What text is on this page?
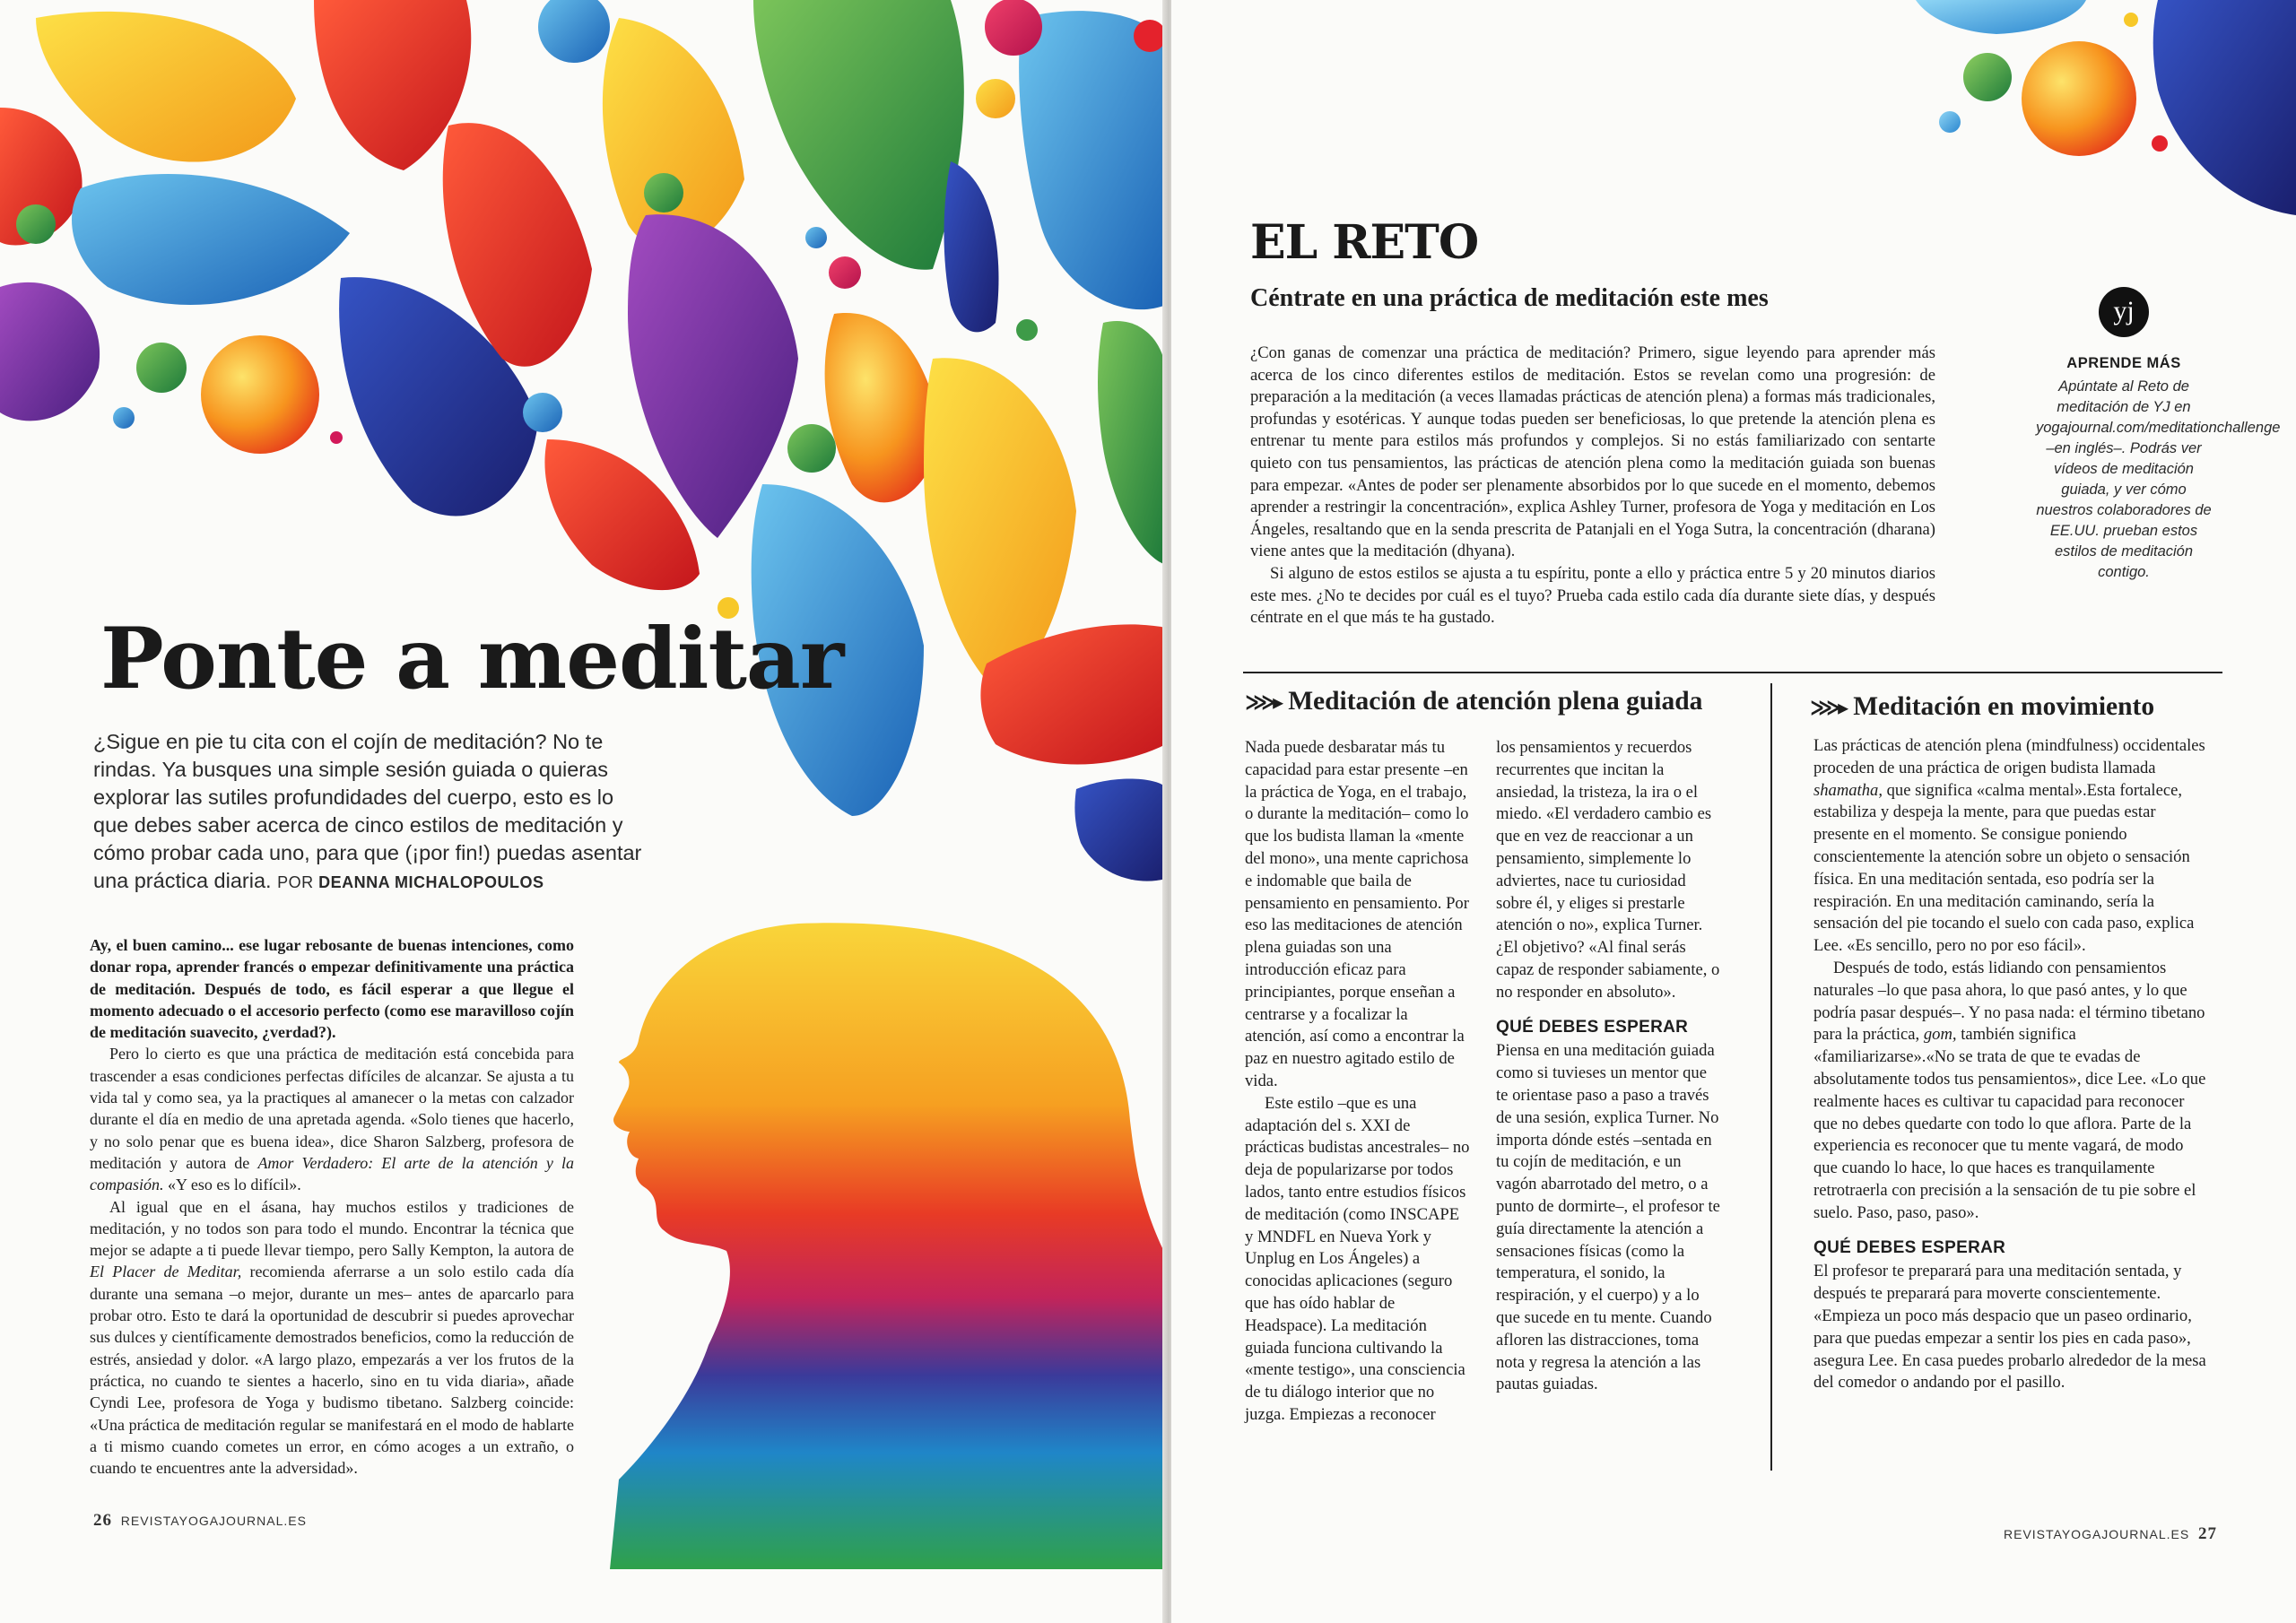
Ponte a meditar
¿Sigue en pie tu cita con el cojín de meditación? No te rindas. Ya busques una simple sesión guiada o quieras explorar las sutiles profundidades del cuerpo, esto es lo que debes saber acerca de cinco estilos de meditación y cómo probar cada uno, para que (¡por fin!) puedas asentar una práctica diaria. POR DEANNA MICHALOPOULOS

Ay, el buen camino... ese lugar rebosante de buenas intenciones, como donar ropa, aprender francés o empezar definitivamente una práctica de meditación. Después de todo, es fácil esperar a que llegue el momento adecuado o el accesorio perfecto (como ese maravilloso cojín de meditación suavecito, ¿verdad?).

Pero lo cierto es que una práctica de meditación está concebida para trascender a esas condiciones perfectas difíciles de alcanzar. Se ajusta a tu vida tal y como sea, ya la practiques al amanecer o la metas con calzador durante el día en medio de una apretada agenda. «Solo tienes que hacerlo, y no solo penar que es buena idea», dice Sharon Salzberg, profesora de meditación y autora de Amor Verdadero: El arte de la atención y la compasión. «Y eso es lo difícil».

Al igual que en el ásana, hay muchos estilos y tradiciones de meditación, y no todos son para todo el mundo. Encontrar la técnica que mejor se adapte a ti puede llevar tiempo, pero Sally Kempton, la autora de El Placer de Meditar, recomienda aferrarse a un solo estilo cada día durante una semana –o mejor, durante un mes– antes de aparcarlo para probar otro. Esto te dará la oportunidad de descubrir si puedes aprovechar sus dulces y científicamente demostrados beneficios, como la reducción de estrés, ansiedad y dolor. «A largo plazo, empezarás a ver los frutos de la práctica, no cuando te sientes a hacerlo, sino en tu vida diaria», añade Cyndi Lee, profesora de Yoga y budismo tibetano. Salzberg coincide: «Una práctica de meditación regular se manifestará en el modo de hablarte a ti mismo cuando cometes un error, en cómo acoges a un extraño, o cuando te encuentres ante la adversidad».

26 REVISTAYOGAJOURNAL.ES
EL RETO
Céntrate en una práctica de meditación este mes

¿Con ganas de comenzar una práctica de meditación? Primero, sigue leyendo para aprender más acerca de los cinco diferentes estilos de meditación. Estos se revelan como una progresión: de preparación a la meditación (a veces llamadas prácticas de atención plena) a formas más tradicionales, profundas y esotéricas. Y aunque todas pueden ser beneficiosas, lo que pretende la atención plena es entrenar tu mente para estilos más profundos y complejos. Si no estás familiarizado con sentarte quieto con tus pensamientos, las prácticas de atención plena como la meditación guiada son buenas para empezar. «Antes de poder ser plenamente absorbidos por lo que sucede en el momento, debemos aprender a restringir la concentración», explica Ashley Turner, profesora de Yoga y meditación en Los Ángeles, resaltando que en la senda prescrita de Patanjali en el Yoga Sutra, la concentración (dharana) viene antes que la meditación (dhyana).

Si alguno de estos estilos se ajusta a tu espíritu, ponte a ello y práctica entre 5 y 20 minutos diarios este mes. ¿No te decides por cuál es el tuyo? Prueba cada estilo cada día durante siete días, y después céntrate en el que más te ha gustado.

yj
APRENDE MÁS
Apúntate al Reto de meditación de YJ en yogajournal.com/meditationchallenge –en inglés–. Podrás ver vídeos de meditación guiada, y ver cómo nuestros colaboradores de EE.UU. prueban estos estilos de meditación contigo.
⋙▸ Meditación de atención plena guiada

Nada puede desbaratar más tu capacidad para estar presente –en la práctica de Yoga, en el trabajo, o durante la meditación– como lo que los budista llaman la «mente del mono», una mente caprichosa e indomable que baila de pensamiento en pensamiento. Por eso las meditaciones de atención plena guiadas son una introducción eficaz para principiantes, porque enseñan a centrarse y a focalizar la atención, así como a encontrar la paz en nuestro agitado estilo de vida.

Este estilo –que es una adaptación del s. XXI de prácticas budistas ancestrales– no deja de popularizarse por todos lados, tanto entre estudios físicos de meditación (como INSCAPE y MNDFL en Nueva York y Unplug en Los Ángeles) a conocidas aplicaciones (seguro que has oído hablar de Headspace). La meditación guiada funciona cultivando la «mente testigo», una consciencia de tu diálogo interior que no juzga. Empiezas a reconocer

los pensamientos y recuerdos recurrentes que incitan la ansiedad, la tristeza, la ira o el miedo. «El verdadero cambio es que en vez de reaccionar a un pensamiento, simplemente lo adviertes, nace tu curiosidad sobre él, y eliges si prestarle atención o no», explica Turner. ¿El objetivo? «Al final serás capaz de responder sabiamente, o no responder en absoluto».

QUÉ DEBES ESPERAR

Piensa en una meditación guiada como si tuvieses un mentor que te orientase paso a paso a través de una sesión, explica Turner. No importa dónde estés –sentada en tu cojín de meditación, e un vagón abarrotado del metro, o a punto de dormirte–, el profesor te guía directamente la atención a sensaciones físicas (como la temperatura, el sonido, la respiración, y el cuerpo) y a lo que sucede en tu mente. Cuando afloren las distracciones, toma nota y regresa la atención a las pautas guiadas.

⋙▸ Meditación en movimiento

Las prácticas de atención plena (mindfulness) occidentales proceden de una práctica de origen budista llamada shamatha, que significa «calma mental».Esta fortalece, estabiliza y despeja la mente, para que puedas estar presente en el momento. Se consigue poniendo conscientemente la atención sobre un objeto o sensación física. En una meditación sentada, eso podría ser la respiración. En una meditación caminando, sería la sensación del pie tocando el suelo con cada paso, explica Lee. «Es sencillo, pero no por eso fácil».

Después de todo, estás lidiando con pensamientos naturales –lo que pasa ahora, lo que pasó antes, y lo que podría pasar después–. Y no pasa nada: el término tibetano para la práctica, gom, también significa «familiarizarse».«No se trata de que te evadas de absolutamente todos tus pensamientos», dice Lee. «Lo que realmente haces es cultivar tu capacidad para reconocer que no debes quedarte con todo lo que aflora. Parte de la experiencia es reconocer que tu mente vagará, de modo que cuando lo hace, lo que haces es tranquilamente retrotraerla con precisión a la sensación de tu pie sobre el suelo. Paso, paso, paso».

QUÉ DEBES ESPERAR

El profesor te preparará para una meditación sentada, y después te preparará para moverte conscientemente. «Empieza un poco más despacio que un paseo ordinario, para que puedas empezar a sentir los pies en cada paso», asegura Lee. En casa puedes probarlo alrededor de la mesa del comedor o andando por el pasillo.

REVISTAYOGAJOURNAL.ES 27
